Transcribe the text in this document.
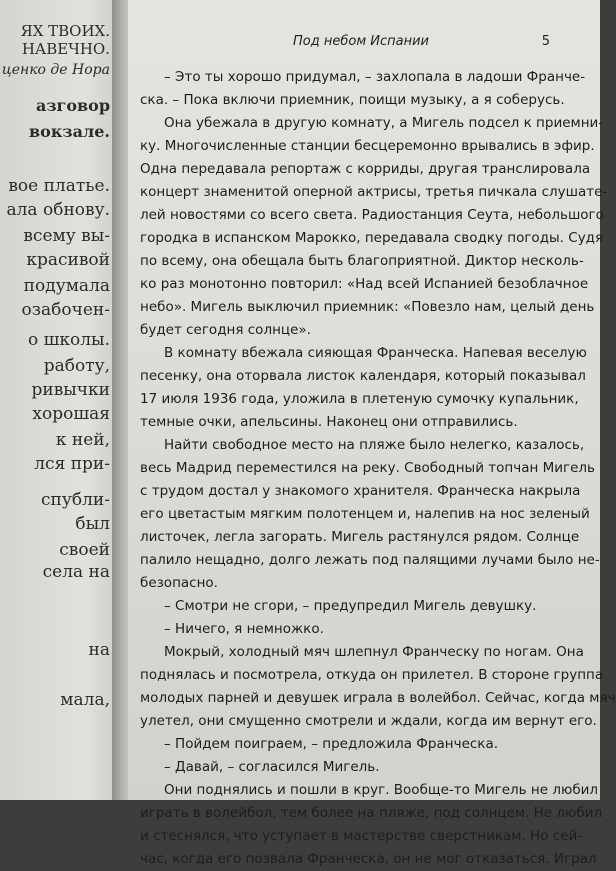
ЯХ ТВОИХ.

НАВЕЧНО.

ценко де Нора

азговор

вокзале.

вое платье.

ала обнову.

всему вы-

красивой

подумала

озабочен-

о школы.

работу,

ривычки

хорошая

к ней,

лся при-

спубли-

был

своей

села на

на

мала,

Под небом Испании	5
– Это ты хорошо придумал, – захлопала в ладоши Франче-
ска. – Пока включи приемник, поищи музыку, а я соберусь.
Она убежала в другую комнату, а Мигель подсел к приемни-
ку. Многочисленные станции бесцеремонно врывались в эфир.
Одна передавала репортаж с корриды, другая транслировала
концерт знаменитой оперной актрисы, третья пичкала слушате-
лей новостями со всего света. Радиостанция Сеута, небольшого
городка в испанском Марокко, передавала сводку погоды. Судя
по всему, она обещала быть благоприятной. Диктор несколь-
ко раз монотонно повторил: «Над всей Испанией безоблачное
небо». Мигель выключил приемник: «Повезло нам, целый день
будет сегодня солнце».
В комнату вбежала сияющая Франческа. Напевая веселую
песенку, она оторвала листок календаря, который показывал
17 июля 1936 года, уложила в плетеную сумочку купальник,
темные очки, апельсины. Наконец они отправились.
Найти свободное место на пляже было нелегко, казалось,
весь Мадрид переместился на реку. Свободный топчан Мигель
с трудом достал у знакомого хранителя. Франческа накрыла
его цветастым мягким полотенцем и, налепив на нос зеленый
листочек, легла загорать. Мигель растянулся рядом. Солнце
палило нещадно, долго лежать под палящими лучами было не-
безопасно.
– Смотри не сгори, – предупредил Мигель девушку.
– Ничего, я немножко.
Мокрый, холодный мяч шлепнул Франческу по ногам. Она
поднялась и посмотрела, откуда он прилетел. В стороне группа
молодых парней и девушек играла в волейбол. Сейчас, когда мяч
улетел, они смущенно смотрели и ждали, когда им вернут его.
– Пойдем поиграем, – предложила Франческа.
– Давай, – согласился Мигель.
Они поднялись и пошли в круг. Вообще-то Мигель не любил
играть в волейбол, тем более на пляже, под солнцем. Не любил
и стеснялся, что уступает в мастерстве сверстникам. Но сей-
час, когда его позвала Франческа, он не мог отказаться. Играл
